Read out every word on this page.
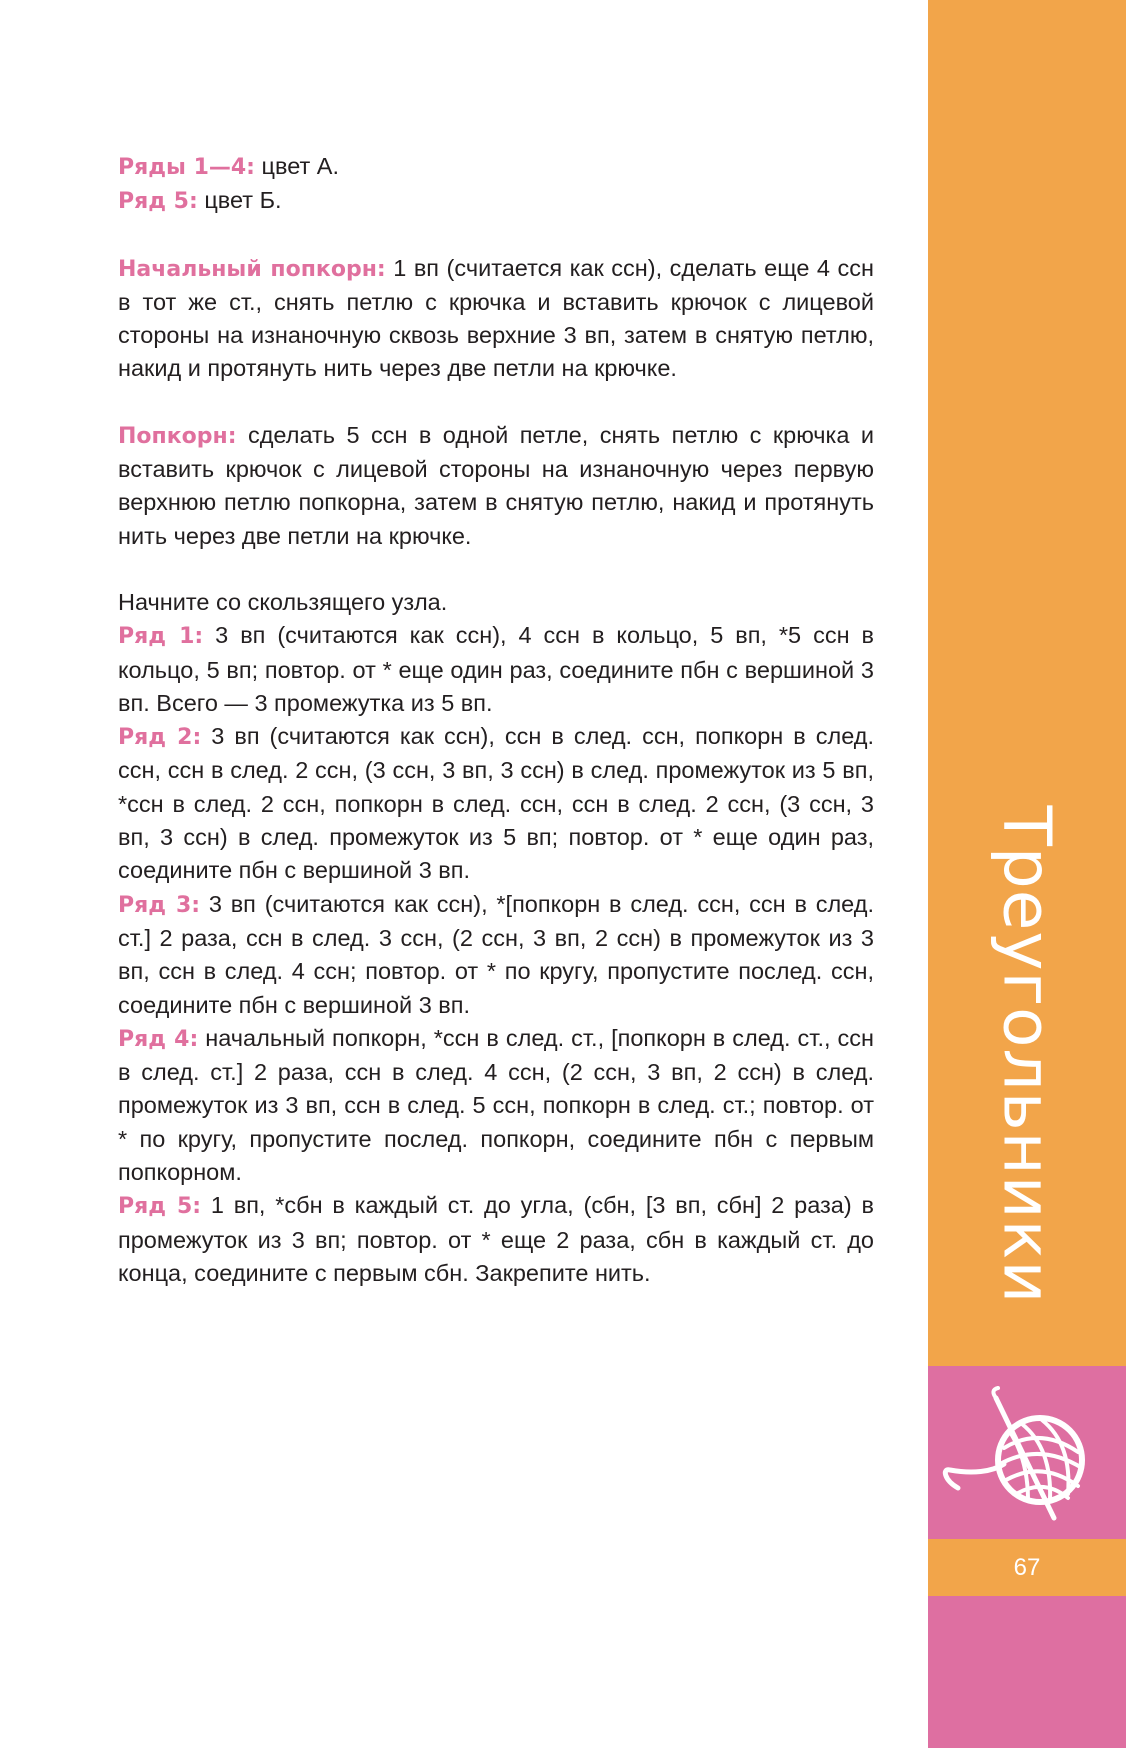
Ряды 1—4: цвет А.

Ряд 5: цвет Б.

Начальный попкорн: 1 вп (считается как ссн), сделать еще 4 ссн в тот же ст., снять петлю с крючка и вставить крючок с лицевой стороны на изнаночную сквозь верхние 3 вп, затем в снятую петлю, накид и протянуть нить через две петли на крючке.

Попкорн: сделать 5 ссн в одной петле, снять петлю с крючка и вставить крючок с лицевой стороны на изнаночную через первую верхнюю петлю попкорна, затем в снятую петлю, накид и протянуть нить через две петли на крючке.

Начните со скользящего узла.

Ряд 1: 3 вп (считаются как ссн), 4 ссн в кольцо, 5 вп, *5 ссн в кольцо, 5 вп; повтор. от * еще один раз, соедините пбн с вершиной 3 вп. Всего — 3 промежутка из 5 вп.

Ряд 2: 3 вп (считаются как ссн), ссн в след. ссн, попкорн в след. ссн, ссн в след. 2 ссн, (3 ссн, 3 вп, 3 ссн) в след. промежуток из 5 вп, *ссн в след. 2 ссн, попкорн в след. ссн, ссн в след. 2 ссн, (3 ссн, 3 вп, 3 ссн) в след. промежуток из 5 вп; повтор. от * еще один раз, соедините пбн с вершиной 3 вп.

Ряд 3: 3 вп (считаются как ссн), *[попкорн в след. ссн, ссн в след. ст.] 2 раза, ссн в след. 3 ссн, (2 ссн, 3 вп, 2 ссн) в промежуток из 3 вп, ссн в след. 4 ссн; повтор. от * по кругу, пропустите послед. ссн, соедините пбн с вершиной 3 вп.

Ряд 4: начальный попкорн, *ссн в след. ст., [попкорн в след. ст., ссн в след. ст.] 2 раза, ссн в след. 4 ссн, (2 ссн, 3 вп, 2 ссн) в след. промежуток из 3 вп, ссн в след. 5 ссн, попкорн в след. ст.; повтор. от * по кругу, пропустите послед. попкорн, соедините пбн с первым попкорном.

Ряд 5: 1 вп, *сбн в каждый ст. до угла, (сбн, [3 вп, сбн] 2 раза) в промежуток из 3 вп; повтор. от * еще 2 раза, сбн в каждый ст. до конца, соедините с первым сбн. Закрепите нить.	Треугольники
67
